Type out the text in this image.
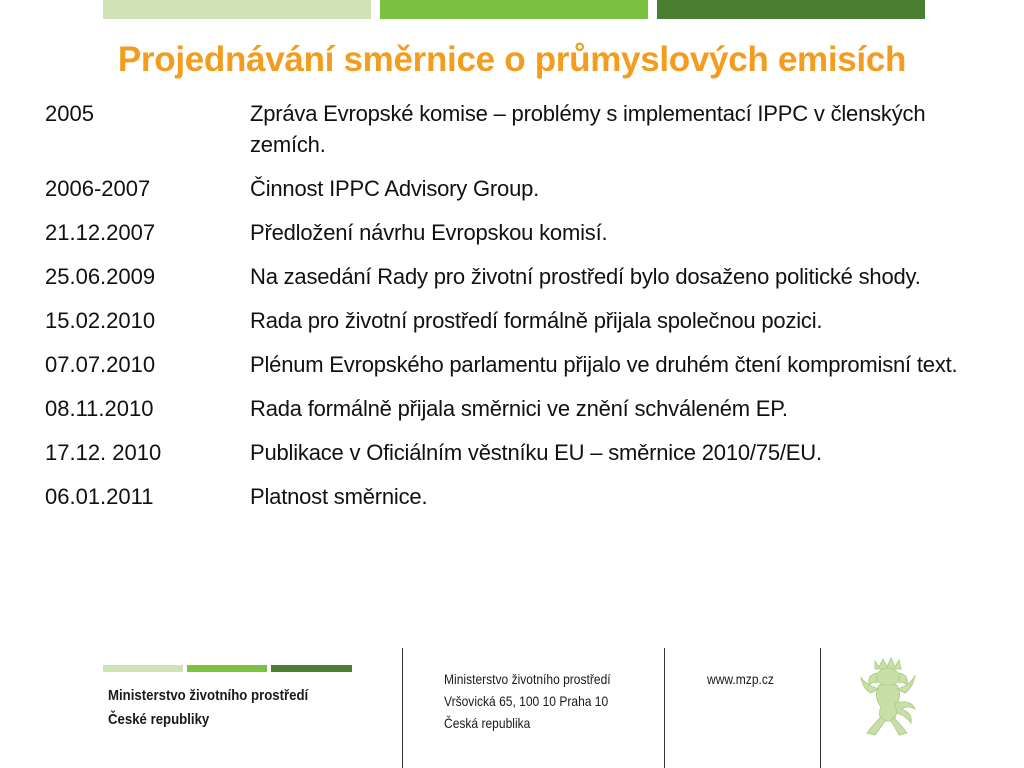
Projednávání směrnice o průmyslových emisích
2005	Zpráva Evropské komise – problémy s implementací IPPC v členských zemích.
2006-2007	Činnost IPPC Advisory Group.
21.12.2007	Předložení návrhu Evropskou komisí.
25.06.2009	Na zasedání Rady pro životní prostředí bylo dosaženo politické shody.
15.02.2010	Rada pro životní prostředí formálně přijala společnou pozici.
07.07.2010	Plénum Evropského parlamentu přijalo ve druhém čtení kompromisní text.
08.11.2010	Rada formálně přijala směrnici ve znění schváleném EP.
17.12. 2010	Publikace v Oficiálním věstníku EU – směrnice 2010/75/EU.
06.01.2011	Platnost směrnice.
Ministerstvo životního prostředí
České republiky
Ministerstvo životního prostředí
Vršovická 65, 100 10 Praha 10
Česká republika
www.mzp.cz
